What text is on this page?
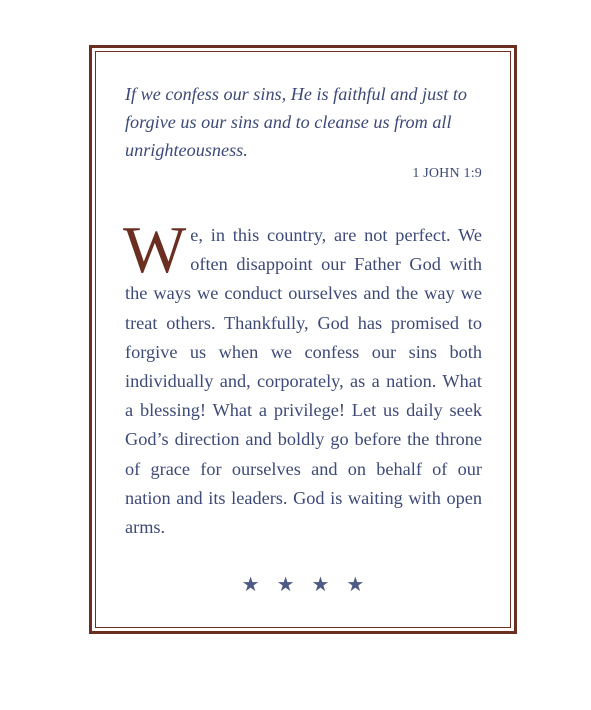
If we confess our sins, He is faithful and just to forgive us our sins and to cleanse us from all unrighteousness.

1 JOHN 1:9
We, in this country, are not perfect. We often disappoint our Father God with the ways we conduct ourselves and the way we treat others. Thankfully, God has promised to forgive us when we confess our sins both individually and, corporately, as a nation. What a blessing! What a privilege! Let us daily seek God’s direction and boldly go before the throne of grace for ourselves and on behalf of our nation and its leaders. God is waiting with open arms.
★★★★
